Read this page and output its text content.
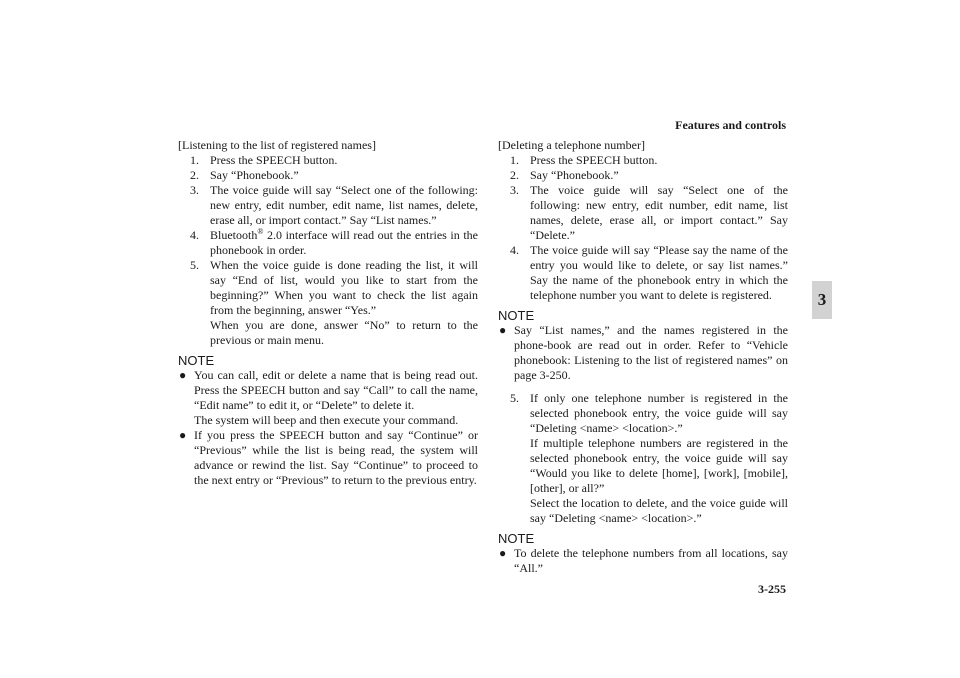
Features and controls
3
[Listening to the list of registered names]
1. Press the SPEECH button.
2. Say “Phonebook.”
3. The voice guide will say “Select one of the following: new entry, edit number, edit name, list names, delete, erase all, or import contact.” Say “List names.”
4. Bluetooth® 2.0 interface will read out the entries in the phonebook in order.
5. When the voice guide is done reading the list, it will say “End of list, would you like to start from the beginning?” When you want to check the list again from the beginning, answer “Yes.”
When you are done, answer “No” to return to the previous or main menu.
NOTE
● You can call, edit or delete a name that is being read out. Press the SPEECH button and say “Call” to call the name, “Edit name” to edit it, or “Delete” to delete it.
The system will beep and then execute your command.
● If you press the SPEECH button and say “Continue” or “Previous” while the list is being read, the system will advance or rewind the list. Say “Continue” to proceed to the next entry or “Previous” to return to the previous entry.
[Deleting a telephone number]
1. Press the SPEECH button.
2. Say “Phonebook.”
3. The voice guide will say “Select one of the following: new entry, edit number, edit name, list names, delete, erase all, or import contact.” Say “Delete.”
4. The voice guide will say “Please say the name of the entry you would like to delete, or say list names.” Say the name of the phonebook entry in which the telephone number you want to delete is registered.
NOTE
● Say “List names,” and the names registered in the phone-book are read out in order. Refer to “Vehicle phonebook: Listening to the list of registered names” on page 3-250.
5. If only one telephone number is registered in the selected phonebook entry, the voice guide will say “Deleting <name> <location>.”
If multiple telephone numbers are registered in the selected phonebook entry, the voice guide will say “Would you like to delete [home], [work], [mobile], [other], or all?”
Select the location to delete, and the voice guide will say “Deleting <name> <location>.”
NOTE
● To delete the telephone numbers from all locations, say “All.”
3-255
